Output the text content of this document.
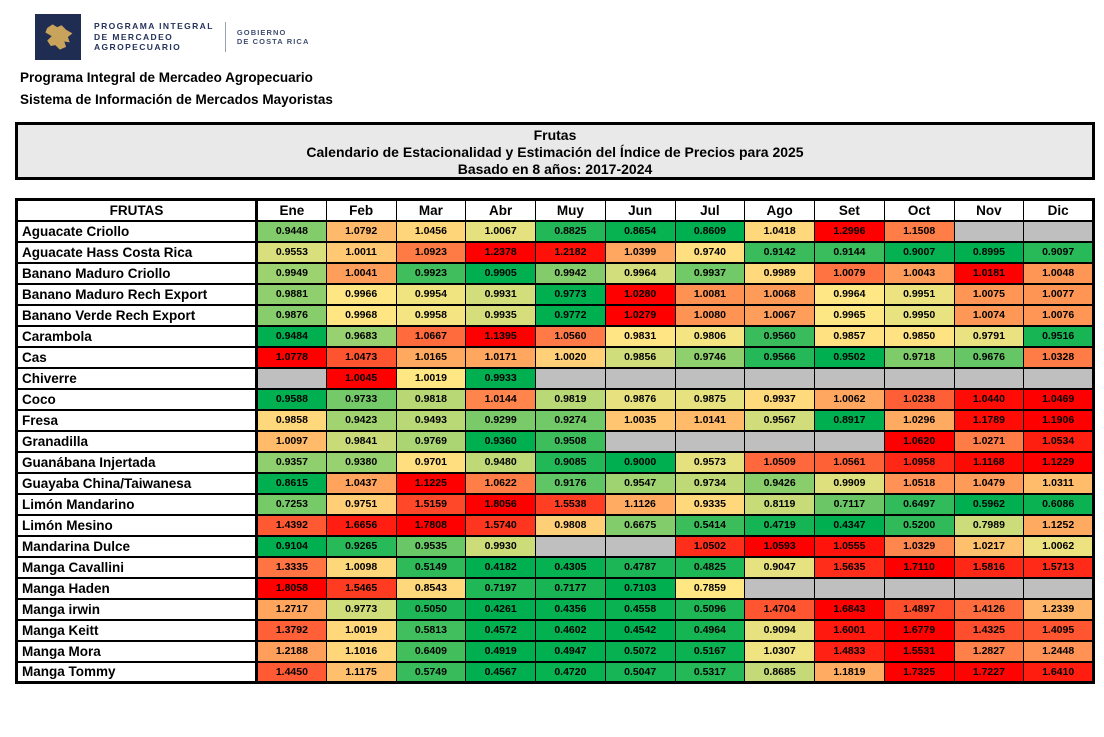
PROGRAMA INTEGRAL
DE MERCADEO
AGROPECUARIO
GOBIERNO
DE COSTA RICA
Programa Integral de Mercadeo Agropecuario
Sistema de Información de Mercados Mayoristas
Frutas
Calendario de Estacionalidad y Estimación del Índice de Precios para 2025
Basado en 8 años: 2017-2024
FRUTAS	Ene	Feb	Mar	Abr	Muy	Jun	Jul	Ago	Set	Oct	Nov	Dic
Aguacate Criollo	0.9448	1.0792	1.0456	1.0067	0.8825	0.8654	0.8609	1.0418	1.2996	1.1508		
Aguacate Hass Costa Rica	0.9553	1.0011	1.0923	1.2378	1.2182	1.0399	0.9740	0.9142	0.9144	0.9007	0.8995	0.9097
Banano Maduro Criollo	0.9949	1.0041	0.9923	0.9905	0.9942	0.9964	0.9937	0.9989	1.0079	1.0043	1.0181	1.0048
Banano Maduro Rech Export	0.9881	0.9966	0.9954	0.9931	0.9773	1.0280	1.0081	1.0068	0.9964	0.9951	1.0075	1.0077
Banano Verde Rech Export	0.9876	0.9968	0.9958	0.9935	0.9772	1.0279	1.0080	1.0067	0.9965	0.9950	1.0074	1.0076
Carambola	0.9484	0.9683	1.0667	1.1395	1.0560	0.9831	0.9806	0.9560	0.9857	0.9850	0.9791	0.9516
Cas	1.0778	1.0473	1.0165	1.0171	1.0020	0.9856	0.9746	0.9566	0.9502	0.9718	0.9676	1.0328
Chiverre		1.0045	1.0019	0.9933								
Coco	0.9588	0.9733	0.9818	1.0144	0.9819	0.9876	0.9875	0.9937	1.0062	1.0238	1.0440	1.0469
Fresa	0.9858	0.9423	0.9493	0.9299	0.9274	1.0035	1.0141	0.9567	0.8917	1.0296	1.1789	1.1906
Granadilla	1.0097	0.9841	0.9769	0.9360	0.9508					1.0620	1.0271	1.0534
Guanábana Injertada	0.9357	0.9380	0.9701	0.9480	0.9085	0.9000	0.9573	1.0509	1.0561	1.0958	1.1168	1.1229
Guayaba China/Taiwanesa	0.8615	1.0437	1.1225	1.0622	0.9176	0.9547	0.9734	0.9426	0.9909	1.0518	1.0479	1.0311
Limón Mandarino	0.7253	0.9751	1.5159	1.8056	1.5538	1.1126	0.9335	0.8119	0.7117	0.6497	0.5962	0.6086
Limón Mesino	1.4392	1.6656	1.7808	1.5740	0.9808	0.6675	0.5414	0.4719	0.4347	0.5200	0.7989	1.1252
Mandarina Dulce	0.9104	0.9265	0.9535	0.9930			1.0502	1.0593	1.0555	1.0329	1.0217	1.0062
Manga Cavallini	1.3335	1.0098	0.5149	0.4182	0.4305	0.4787	0.4825	0.9047	1.5635	1.7110	1.5816	1.5713
Manga Haden	1.8058	1.5465	0.8543	0.7197	0.7177	0.7103	0.7859					
Manga irwin	1.2717	0.9773	0.5050	0.4261	0.4356	0.4558	0.5096	1.4704	1.6843	1.4897	1.4126	1.2339
Manga Keitt	1.3792	1.0019	0.5813	0.4572	0.4602	0.4542	0.4964	0.9094	1.6001	1.6779	1.4325	1.4095
Manga Mora	1.2188	1.1016	0.6409	0.4919	0.4947	0.5072	0.5167	1.0307	1.4833	1.5531	1.2827	1.2448
Manga Tommy	1.4450	1.1175	0.5749	0.4567	0.4720	0.5047	0.5317	0.8685	1.1819	1.7325	1.7227	1.6410
